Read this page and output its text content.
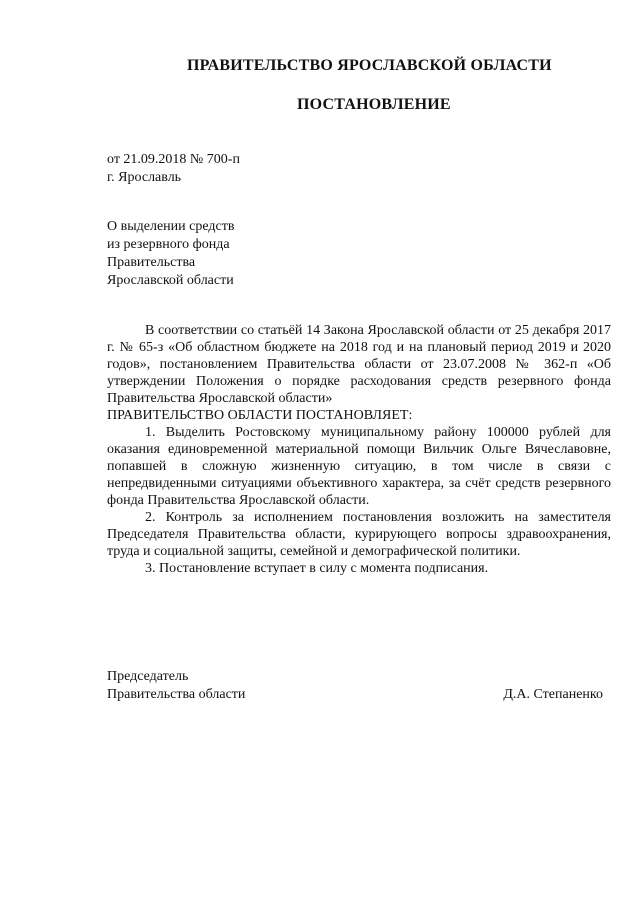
ПРАВИТЕЛЬСТВО ЯРОСЛАВСКОЙ ОБЛАСТИ
ПОСТАНОВЛЕНИЕ
от 21.09.2018 № 700-п
г. Ярославль
О выделении средств
из резервного фонда
Правительства
Ярославской области

В соответствии со статьёй 14 Закона Ярославской области от 25 декабря 2017 г. № 65-з «Об областном бюджете на 2018 год и на плановый период 2019 и 2020 годов», постановлением Правительства области от 23.07.2008 № 362-п «Об утверждении Положения о порядке расходования средств резервного фонда Правительства Ярославской области»

ПРАВИТЕЛЬСТВО ОБЛАСТИ ПОСТАНОВЛЯЕТ:

1. Выделить Ростовскому муниципальному району 100000 рублей для оказания единовременной материальной помощи Вильчик Ольге Вячеславовне, попавшей в сложную жизненную ситуацию, в том числе в связи с непредвиденными ситуациями объективного характера, за счёт средств резервного фонда Правительства Ярославской области.

2. Контроль за исполнением постановления возложить на заместителя Председателя Правительства области, курирующего вопросы здравоохранения, труда и социальной защиты, семейной и демографической политики.

3. Постановление вступает в силу с момента подписания.

Председатель
Правительства области	Д.А. Степаненко
